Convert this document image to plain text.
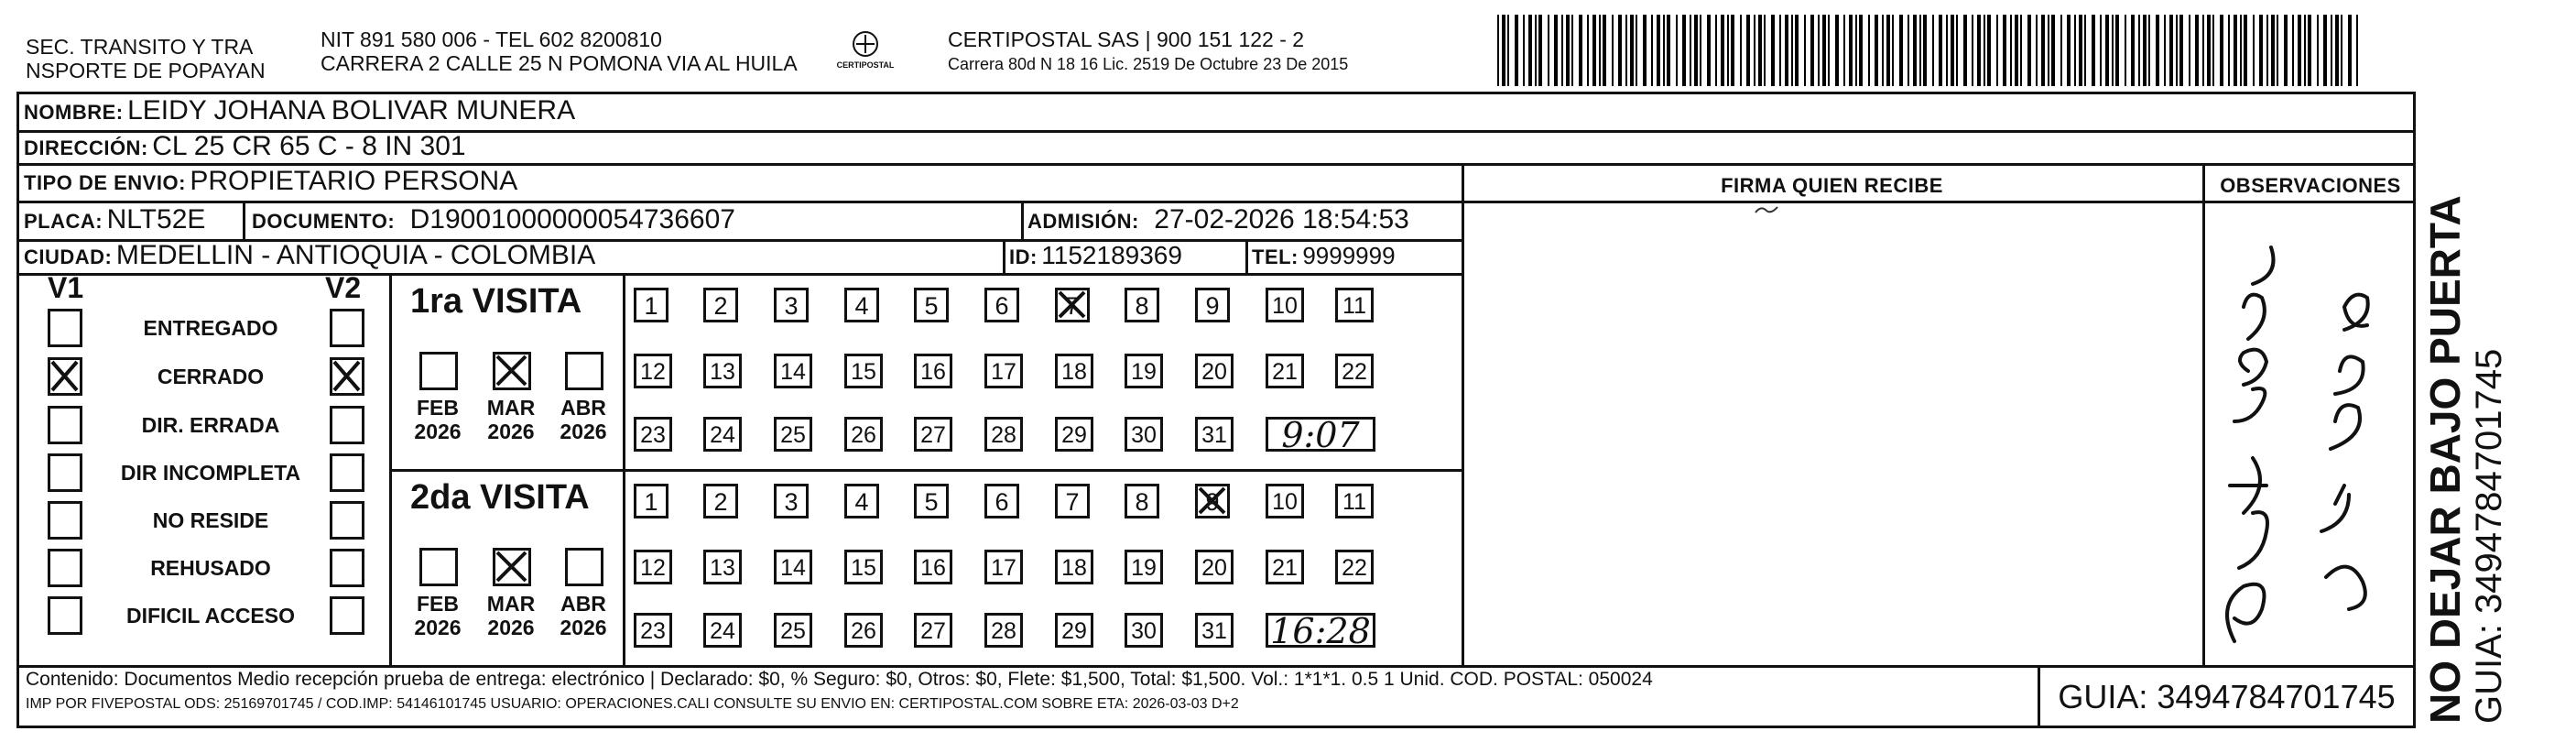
SEC. TRANSITO Y TRA
NSPORTE DE POPAYAN
NIT 891 580 006 - TEL 602 8200810
CARRERA 2 CALLE 25 N POMONA VIA AL HUILA	CERTIPOSTAL
CERTIPOSTAL SAS | 900 151 122 - 2
Carrera 80d N 18 16 Lic. 2519 De Octubre 23 De 2015
NOMBRE: LEIDY JOHANA BOLIVAR MUNERA
DIRECCIÓN: CL 25 CR 65 C - 8 IN 301
TIPO DE ENVIO: PROPIETARIO PERSONA
PLACA: NLT52E DOCUMENTO: D19001000000054736607	ADMISIÓN: 27-02-2026 18:54:53
CIUDAD: MEDELLIN - ANTIOQUIA - COLOMBIA	ID: 1152189369	TEL: 9999999
FIRMA QUIEN RECIBE	OBSERVACIONES
V1	V2
ENTREGADO
CERRADO
DIR. ERRADA
DIR INCOMPLETA
NO RESIDE
REHUSADO
DIFICIL ACCESO
1ra VISITA
FEB
2026
MAR
2026
ABR
2026
1	2	3	4	5	6	7	8	9	10	11
12 13 14 15 16 17 18 19 20 21 22
23 24 25 26 27 28 29 30 31	9:07
2da VISITA
FEB
2026
MAR
2026
ABR
2026
1	2	3	4	5	6	7	8	9	10	11
12 13 14 15 16 17 18 19 20 21 22
23 24 25 26 27 28 29 30 31 16:28	NO DEJAR BAJO PUERTA GUIA: 3494784701745
Contenido: Documentos Medio recepción prueba de entrega: electrónico | Declarado: $0, % Seguro: $0, Otros: $0, Flete: $1,500, Total: $1,500. Vol.: 1*1*1. 0.5 1 Unid. COD. POSTAL: 050024
IMP POR FIVEPOSTAL ODS: 25169701745 / COD.IMP: 54146101745 USUARIO: OPERACIONES.CALI CONSULTE SU ENVIO EN: CERTIPOSTAL.COM SOBRE ETA: 2026-03-03 D+2	GUIA: 3494784701745
